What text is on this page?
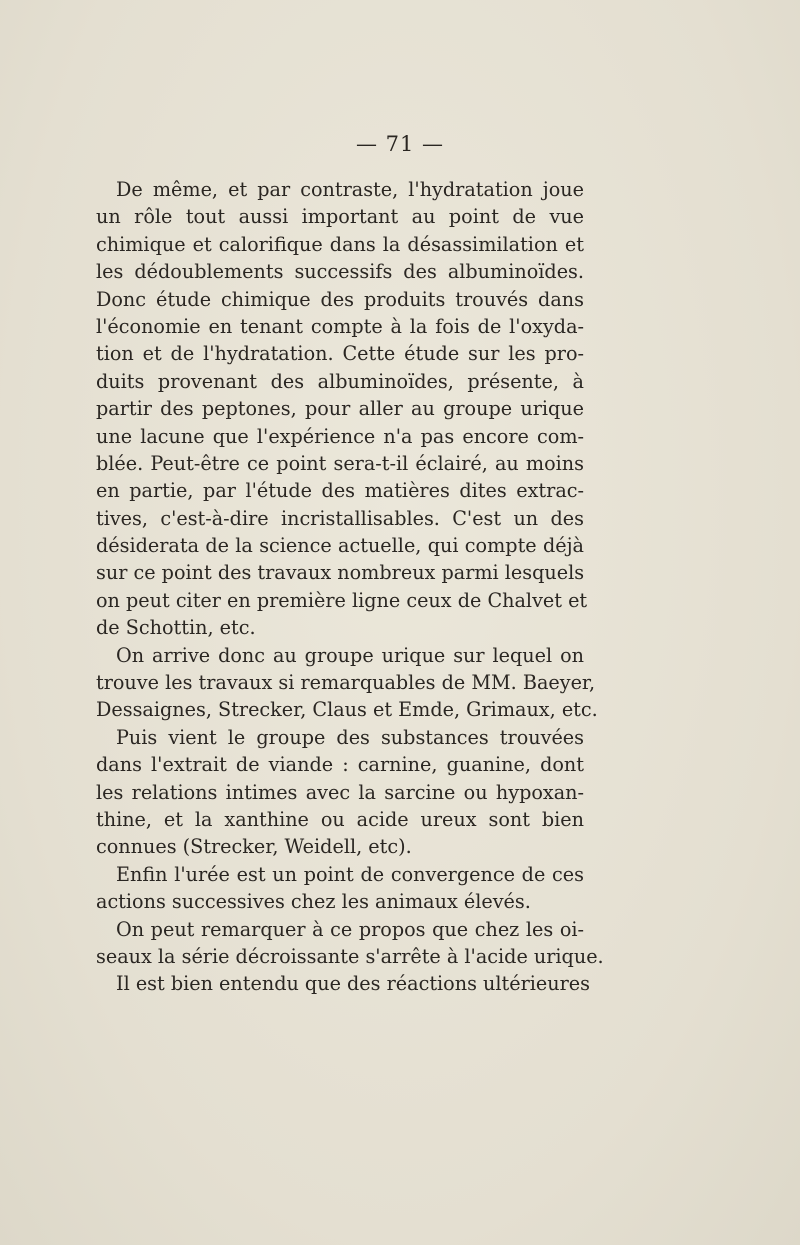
— 71 —
De même, et par contraste, l'hydratation joue
un rôle tout aussi important au point de vue
chimique et calorifique dans la désassimilation et
les dédoublements successifs des albuminoïdes.
Donc étude chimique des produits trouvés dans
l'économie en tenant compte à la fois de l'oxyda-
tion et de l'hydratation. Cette étude sur les pro-
duits provenant des albuminoïdes, présente, à
partir des peptones, pour aller au groupe urique
une lacune que l'expérience n'a pas encore com-
blée. Peut-être ce point sera-t-il éclairé, au moins
en partie, par l'étude des matières dites extrac-
tives, c'est-à-dire incristallisables. C'est un des
désiderata de la science actuelle, qui compte déjà
sur ce point des travaux nombreux parmi lesquels
on peut citer en première ligne ceux de Chalvet et
de Schottin, etc.
On arrive donc au groupe urique sur lequel on
trouve les travaux si remarquables de MM. Baeyer,
Dessaignes, Strecker, Claus et Emde, Grimaux, etc.
Puis vient le groupe des substances trouvées
dans l'extrait de viande : carnine, guanine, dont
les relations intimes avec la sarcine ou hypoxan-
thine, et la xanthine ou acide ureux sont bien
connues (Strecker, Weidell, etc).
Enfin l'urée est un point de convergence de ces
actions successives chez les animaux élevés.
On peut remarquer à ce propos que chez les oi-
seaux la série décroissante s'arrête à l'acide urique.
Il est bien entendu que des réactions ultérieures
